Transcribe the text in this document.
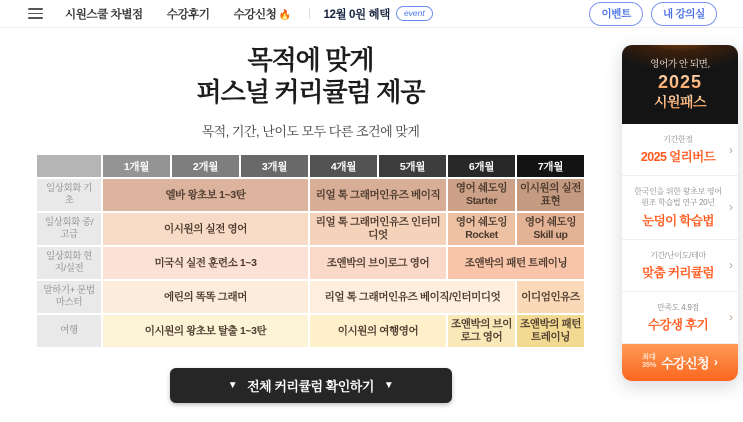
시원스쿨 차별점 수강후기 수강신청 🔥	12월 0원 혜택	event	이벤트	내 강의실
목적에 맞게
퍼스널 커리큘럼 제공
목적, 기간, 난이도 모두 다른 조건에 맞게
	1개월	2개월	3개월	4개월	5개월	6개월	7개월
일상회화 기초	엘바 왕초보 1~3탄			리얼 톡 그래머인유즈 베이직		영어 쉐도잉 Starter	이시원의 실전 표현
일상회화 중/고급	이시원의 실전 영어			리얼 톡 그래머인유즈 인터미디엇		영어 쉐도잉 Rocket	영어 쉐도잉 Skill up
일상회화 현지/실전	미국식 실전 훈련소 1~3			조앤박의 브이로그 영어		조앤박의 패턴 트레이닝	
말하기+ 문법마스터	에린의 똑똑 그래머			리얼 톡 그래머인유즈 베이직/인터미디엇			이디엄인유즈
여행	이시원의 왕초보 탈출 1~3탄			이시원의 여행영어		조앤박의 브이로그 영어	조앤박의 패턴 트레이닝
▼ 전체 커리큘럼 확인하기 ▼
영어가 안 되면,
2025
시원패스
기간한정
2025 얼리버드
›
한국인을 위한 왕초보 영어 원조 학습법 연구 20년
눈덩이 학습법
›
기간/난이도/테마
맞춤 커리큘럼
›
만족도 4.9점
수강생 후기
›
최대
35% 수강신청 ›
